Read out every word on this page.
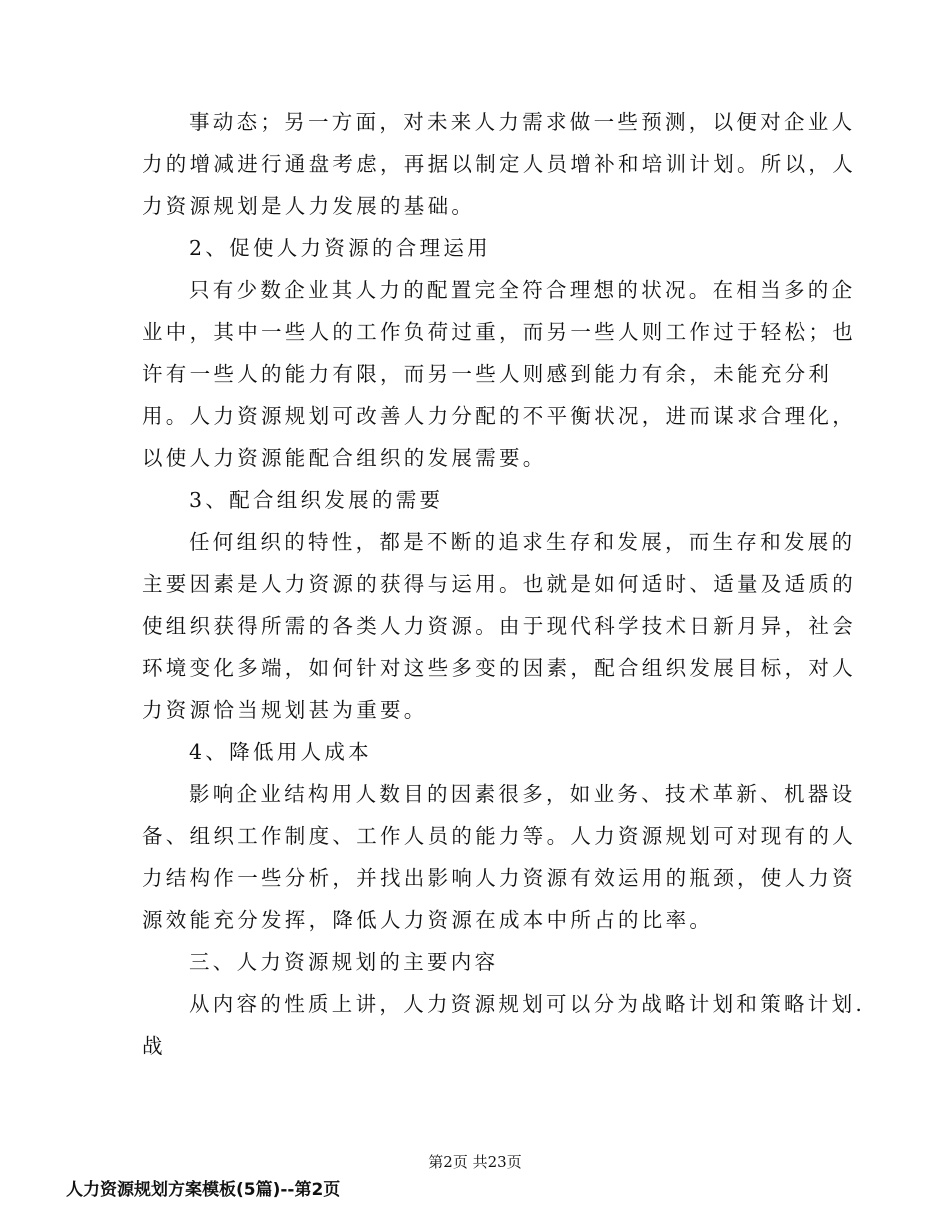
事动态；另一方面，对未来人力需求做一些预测，以便对企业人
力的增减进行通盘考虑，再据以制定人员增补和培训计划。所以，人
力资源规划是人力发展的基础。
2、促使人力资源的合理运用
只有少数企业其人力的配置完全符合理想的状况。在相当多的企
业中，其中一些人的工作负荷过重，而另一些人则工作过于轻松；也
许有一些人的能力有限，而另一些人则感到能力有余，未能充分利
用。人力资源规划可改善人力分配的不平衡状况，进而谋求合理化，
以使人力资源能配合组织的发展需要。
3、配合组织发展的需要
任何组织的特性，都是不断的追求生存和发展，而生存和发展的
主要因素是人力资源的获得与运用。也就是如何适时、适量及适质的
使组织获得所需的各类人力资源。由于现代科学技术日新月异，社会
环境变化多端，如何针对这些多变的因素，配合组织发展目标，对人
力资源恰当规划甚为重要。
4、降低用人成本
影响企业结构用人数目的因素很多，如业务、技术革新、机器设
备、组织工作制度、工作人员的能力等。人力资源规划可对现有的人
力结构作一些分析，并找出影响人力资源有效运用的瓶颈，使人力资
源效能充分发挥，降低人力资源在成本中所占的比率。
三、人力资源规划的主要内容
从内容的性质上讲，人力资源规划可以分为战略计划和策略计划.
战
第2页 共23页
人力资源规划方案模板(5篇)--第2页
